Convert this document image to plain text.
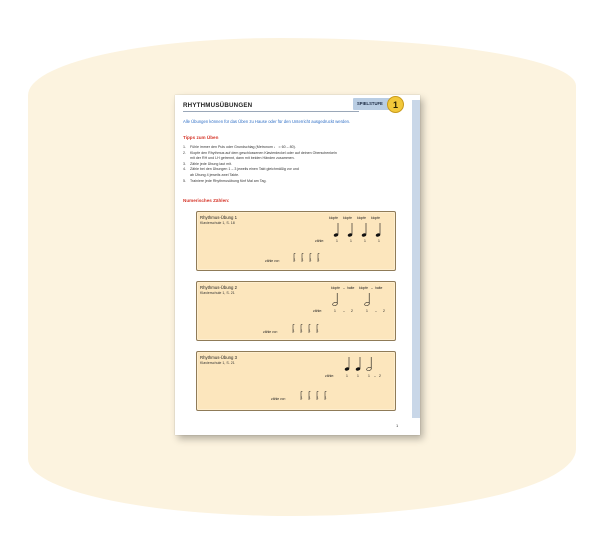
RHYTHMUSÜBUNGEN	SPIELSTUFE	1
Alle Übungen können für das Üben zu Hause oder für den Unterricht ausgedruckt werden.
Tipps zum Üben
1.	Fühle immer den Puls oder Grundschlag (Metronom ♩ = 60 – 80).
2.	Klopfe den Rhythmus auf dem geschlossenen Klavierdeckel oder auf deinen Oberschenkeln
mit der RH und LH getrennt, dann mit beiden Händen zusammen.
3.	Zähle jede Übung laut mit.
4.	Zähle bei den Übungen 1 – 3 jeweils einen Takt gleichmäßig vor und
ab Übung 4 jeweils zwei Takte.
5.	Trainiere jede Rhythmusübung fünf Mal am Tag.
Numerisches Zählen:
Rhythmus-Übung 1
Klavierschule 1, S. 18
klopfe klopfe klopfe klopfe
zähle:	1	1	1	1
1	1	1	1
zähle vor:
Rhythmus-Übung 2
Klavierschule 1, S. 21
klopfe – halte klopfe – halte
zähle:	1 – 2	1 – 2
1	1	1	1
zähle vor:
Rhythmus-Übung 3
Klavierschule 1, S. 21
zähle:	1	1	1 – 2
1	1	1	1
zähle vor:
1
